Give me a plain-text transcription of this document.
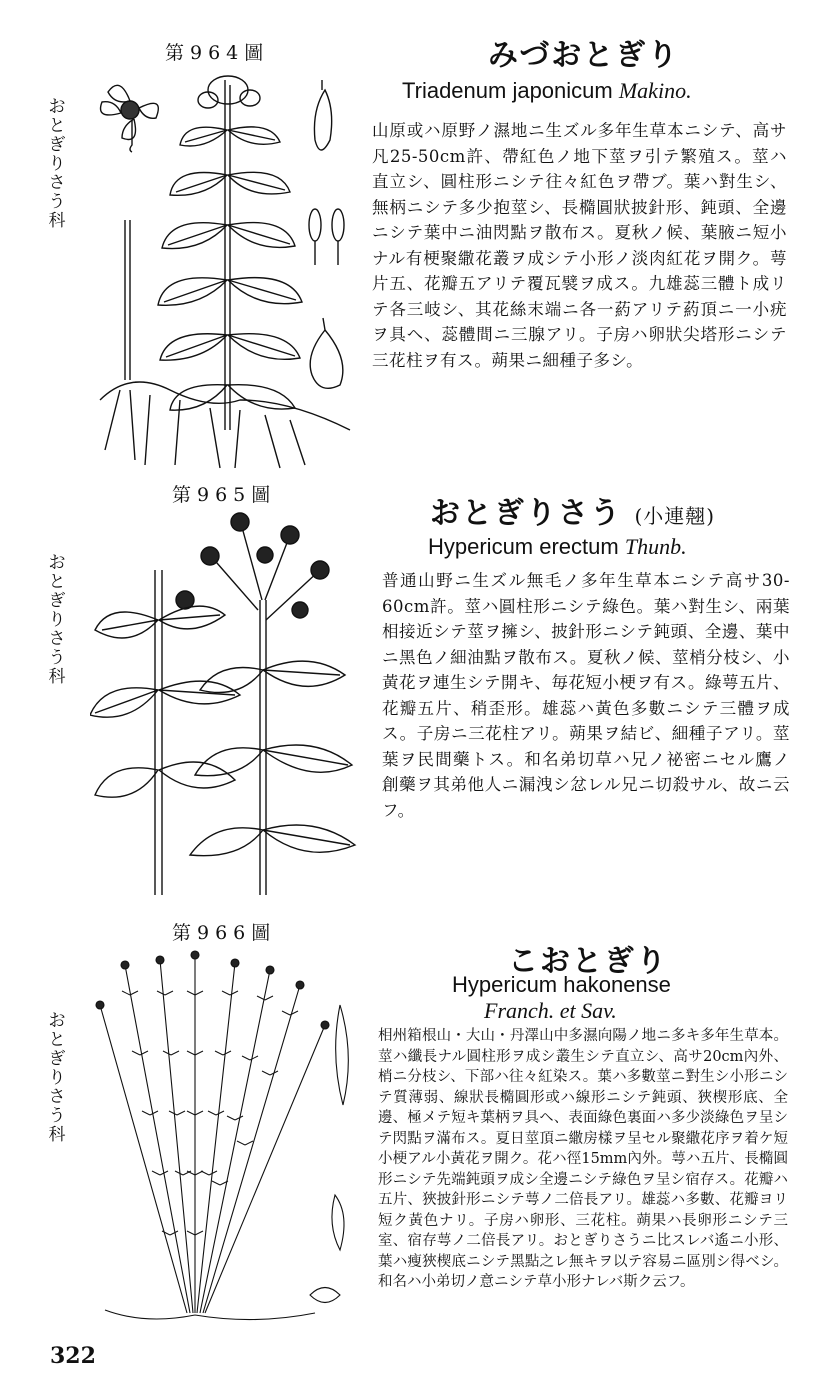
第964圖
おとぎりさう科
みづおとぎり
Triadenum japonicum Makino.
山原或ハ原野ノ濕地ニ生ズル多年生草本ニシテ、高サ凡25-50cm許、帶紅色ノ地下莖ヲ引テ繁殖ス。莖ハ直立シ、圓柱形ニシテ往々紅色ヲ帶ブ。葉ハ對生シ、無柄ニシテ多少抱莖シ、長橢圓狀披針形、鈍頭、全邊ニシテ葉中ニ油閃點ヲ散布ス。夏秋ノ候、葉腋ニ短小ナル有梗聚繖花叢ヲ成シテ小形ノ淡肉紅花ヲ開ク。萼片五、花瓣五アリテ覆瓦襞ヲ成ス。九雄蕊三體ト成リテ各三岐シ、其花絲末端ニ各一葯アリテ葯頂ニ一小疣ヲ具ヘ、蕊體間ニ三腺アリ。子房ハ卵狀尖塔形ニシテ三花柱ヲ有ス。蒴果ニ細種子多シ。
第965圖
おとぎりさう科
おとぎりさう (小連翹)
Hypericum erectum Thunb.
普通山野ニ生ズル無毛ノ多年生草本ニシテ高サ30-60cm許。莖ハ圓柱形ニシテ綠色。葉ハ對生シ、兩葉相接近シテ莖ヲ擁シ、披針形ニシテ鈍頭、全邊、葉中ニ黑色ノ細油點ヲ散布ス。夏秋ノ候、莖梢分枝シ、小黃花ヲ連生シテ開キ、毎花短小梗ヲ有ス。綠萼五片、花瓣五片、稍歪形。雄蕊ハ黃色多數ニシテ三體ヲ成ス。子房ニ三花柱アリ。蒴果ヲ結ビ、細種子アリ。莖葉ヲ民間藥トス。和名弟切草ハ兄ノ祕密ニセル鷹ノ創藥ヲ其弟他人ニ漏洩シ忿レル兄ニ切殺サル、故ニ云フ。
第966圖
おとぎりさう科
こおとぎり
Hypericum hakonense
Franch. et Sav.
相州箱根山・大山・丹澤山中多濕向陽ノ地ニ多キ多年生草本。莖ハ纖長ナル圓柱形ヲ成シ叢生シテ直立シ、高サ20cm內外、梢ニ分枝シ、下部ハ往々紅染ス。葉ハ多數莖ニ對生シ小形ニシテ質薄弱、線狀長橢圓形或ハ線形ニシテ鈍頭、狹楔形底、全邊、極メテ短キ葉柄ヲ具ヘ、表面綠色裏面ハ多少淡綠色ヲ呈シテ閃點ヲ滿布ス。夏日莖頂ニ繖房樣ヲ呈セル聚繖花序ヲ着ケ短小梗アル小黃花ヲ開ク。花ハ徑15mm內外。萼ハ五片、長橢圓形ニシテ先端鈍頭ヲ成シ全邊ニシテ綠色ヲ呈シ宿存ス。花瓣ハ五片、狹披針形ニシテ萼ノ二倍長アリ。雄蕊ハ多數、花瓣ヨリ短ク黃色ナリ。子房ハ卵形、三花柱。蒴果ハ長卵形ニシテ三室、宿存萼ノ二倍長アリ。おとぎりさうニ比スレバ遙ニ小形、葉ハ瘦狹楔底ニシテ黑點之レ無キヲ以テ容易ニ區別シ得ベシ。和名ハ小弟切ノ意ニシテ草小形ナレバ斯ク云フ。
322
